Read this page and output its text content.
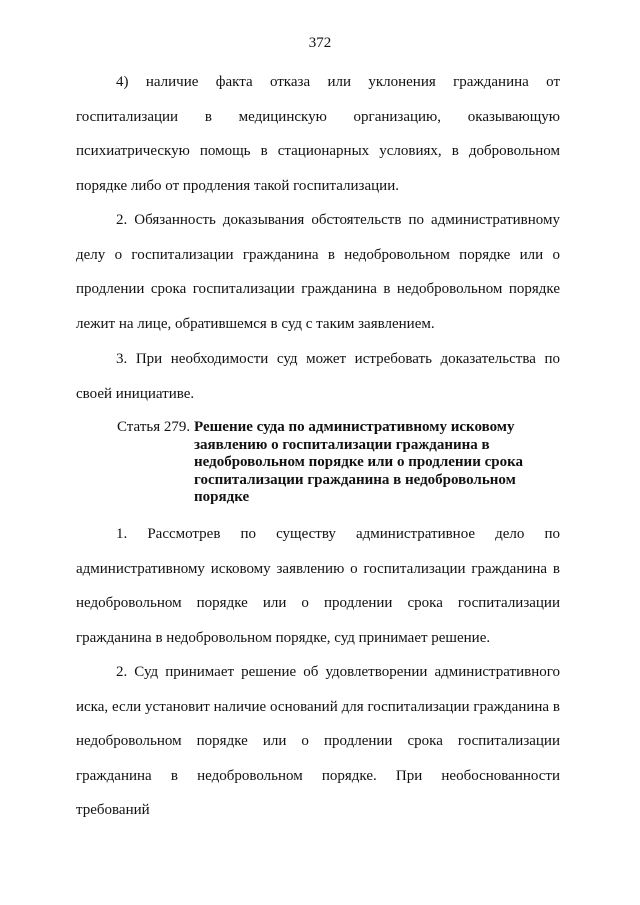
372
4) наличие факта отказа или уклонения гражданина от
госпитализации в медицинскую организацию, оказывающую
психиатрическую помощь в стационарных условиях, в добровольном
порядке либо от продления такой госпитализации.
2. Обязанность доказывания обстоятельств по административному
делу о госпитализации гражданина в недобровольном порядке или о
продлении срока госпитализации гражданина в недобровольном порядке
лежит на лице, обратившемся в суд с таким заявлением.
3. При необходимости суд может истребовать доказательства по
своей инициативе.
Статья 279. Решение суда по административному исковому
заявлению о госпитализации гражданина в
недобровольном порядке или о продлении срока
госпитализации гражданина в недобровольном
порядке
1. Рассмотрев по существу административное дело по
административному исковому заявлению о госпитализации гражданина в
недобровольном порядке или о продлении срока госпитализации
гражданина в недобровольном порядке, суд принимает решение.
2. Суд принимает решение об удовлетворении административного
иска, если установит наличие оснований для госпитализации гражданина в
недобровольном порядке или о продлении срока госпитализации
гражданина в недобровольном порядке. При необоснованности требований
